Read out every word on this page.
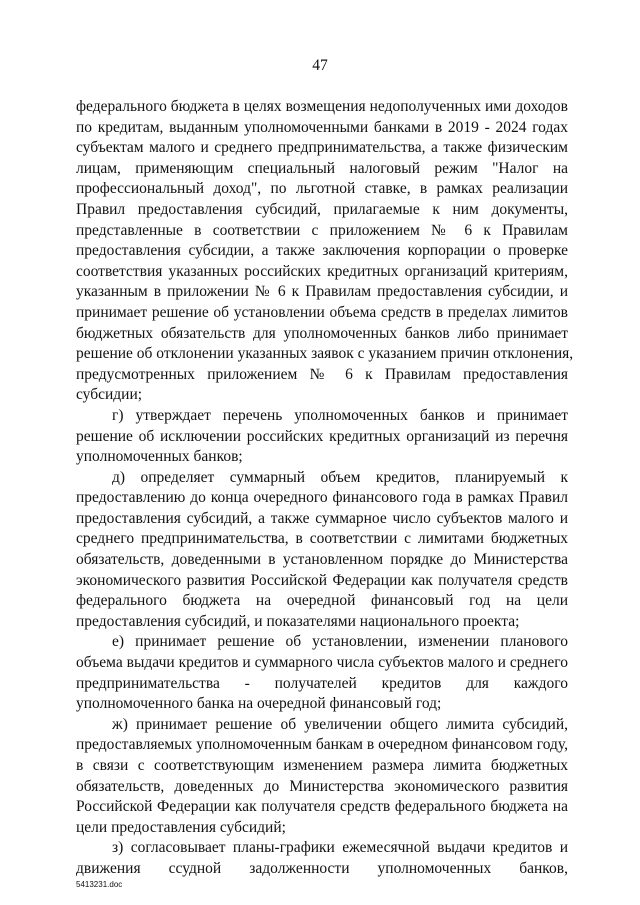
47
федерального бюджета в целях возмещения недополученных ими доходов
по кредитам, выданным уполномоченными банками в 2019 - 2024 годах
субъектам малого и среднего предпринимательства, а также физическим
лицам, применяющим специальный налоговый режим "Налог на
профессиональный доход", по льготной ставке, в рамках реализации
Правил предоставления субсидий, прилагаемые к ним документы,
представленные в соответствии с приложением № 6 к Правилам
предоставления субсидии, а также заключения корпорации о проверке
соответствия указанных российских кредитных организаций критериям,
указанным в приложении № 6 к Правилам предоставления субсидии, и
принимает решение об установлении объема средств в пределах лимитов
бюджетных обязательств для уполномоченных банков либо принимает
решение об отклонении указанных заявок с указанием причин отклонения,
предусмотренных приложением № 6 к Правилам предоставления
субсидии;
г) утверждает перечень уполномоченных банков и принимает
решение об исключении российских кредитных организаций из перечня
уполномоченных банков;
д) определяет суммарный объем кредитов, планируемый к
предоставлению до конца очередного финансового года в рамках Правил
предоставления субсидий, а также суммарное число субъектов малого и
среднего предпринимательства, в соответствии с лимитами бюджетных
обязательств, доведенными в установленном порядке до Министерства
экономического развития Российской Федерации как получателя средств
федерального бюджета на очередной финансовый год на цели
предоставления субсидий, и показателями национального проекта;
е) принимает решение об установлении, изменении планового
объема выдачи кредитов и суммарного числа субъектов малого и среднего
предпринимательства - получателей кредитов для каждого
уполномоченного банка на очередной финансовый год;
ж) принимает решение об увеличении общего лимита субсидий,
предоставляемых уполномоченным банкам в очередном финансовом году,
в связи с соответствующим изменением размера лимита бюджетных
обязательств, доведенных до Министерства экономического развития
Российской Федерации как получателя средств федерального бюджета на
цели предоставления субсидий;
з) согласовывает планы-графики ежемесячной выдачи кредитов и
движения ссудной задолженности уполномоченных банков,
5413231.doc
